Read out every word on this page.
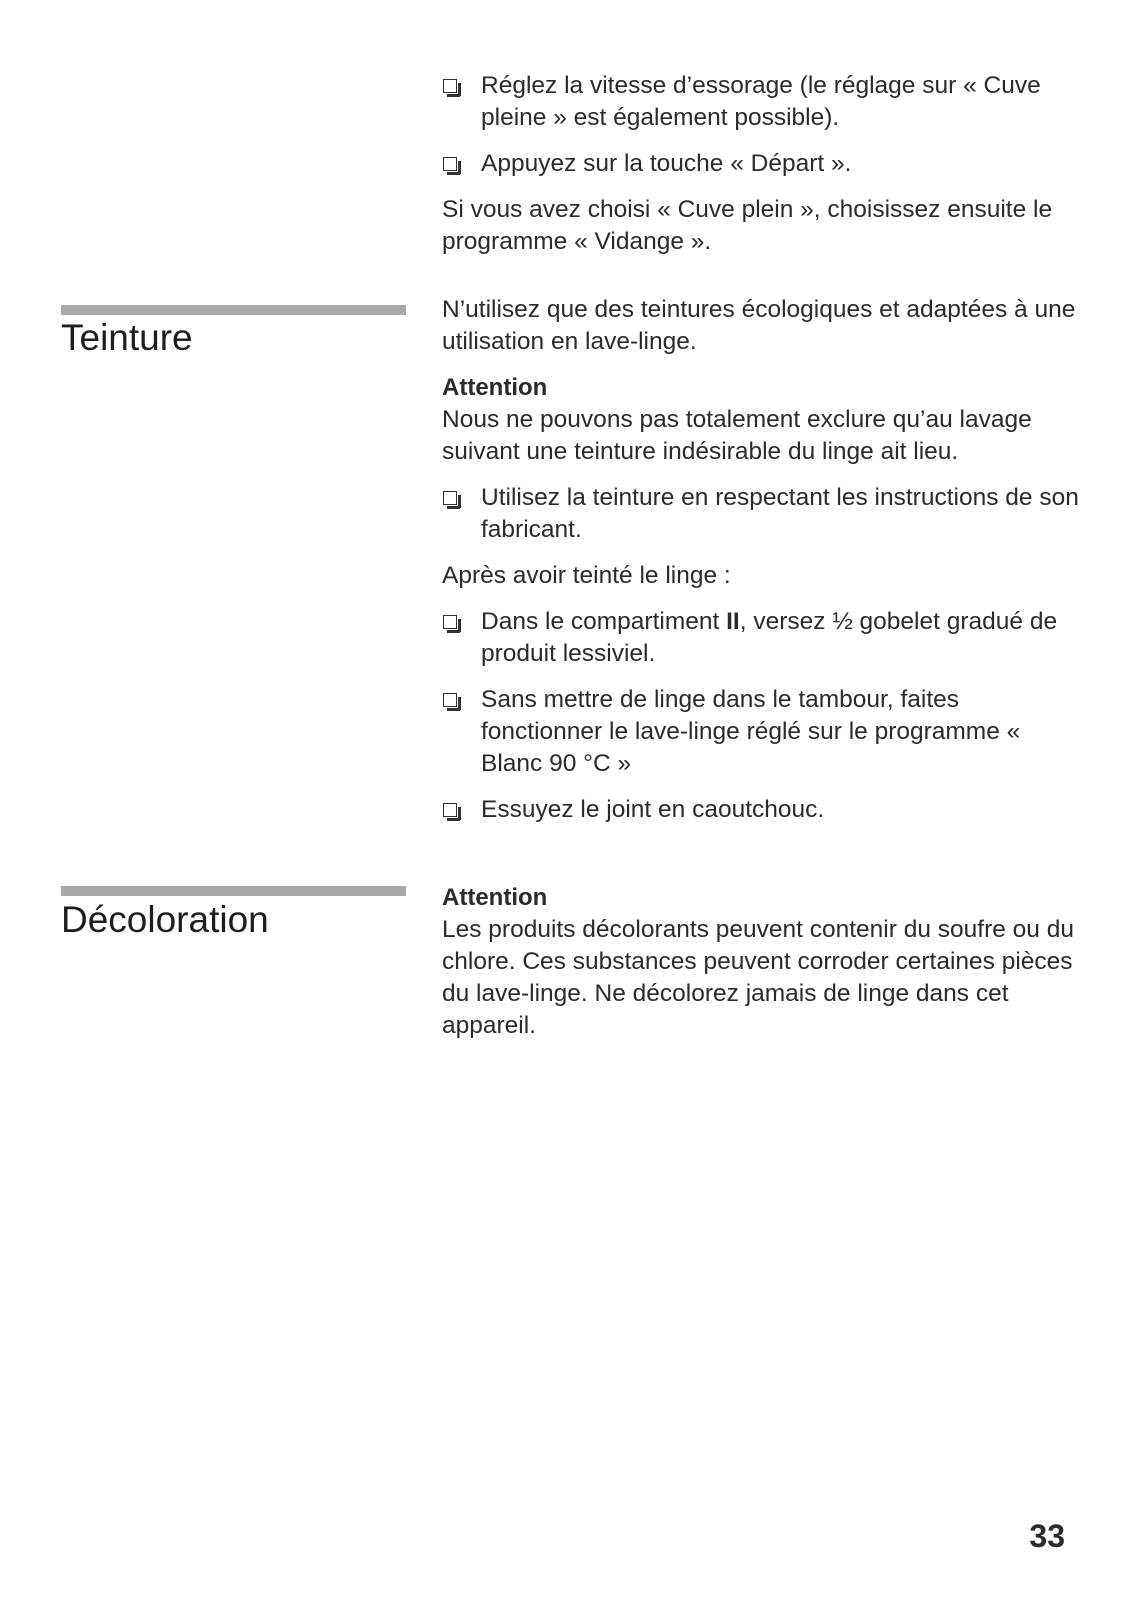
Réglez la vitesse d’essorage (le réglage sur « Cuve pleine » est également possible).

Appuyez sur la touche « Départ ».

Si vous avez choisi « Cuve plein », choisissez ensuite le programme « Vidange ».

Teinture

N’utilisez que des teintures écologiques et adaptées à une utilisation en lave-linge.

Attention

Nous ne pouvons pas totalement exclure qu’au lavage suivant une teinture indésirable du linge ait lieu.

Utilisez la teinture en respectant les instructions de son fabricant.

Après avoir teinté le linge :

Dans le compartiment II, versez ½ gobelet gradué de produit lessiviel.

Sans mettre de linge dans le tambour, faites fonctionner le lave-linge réglé sur le programme « Blanc 90 °C »

Essuyez le joint en caoutchouc.

Décoloration

Attention

Les produits décolorants peuvent contenir du soufre ou du chlore. Ces substances peuvent corroder certaines pièces du lave-linge. Ne décolorez jamais de linge dans cet appareil.

33
